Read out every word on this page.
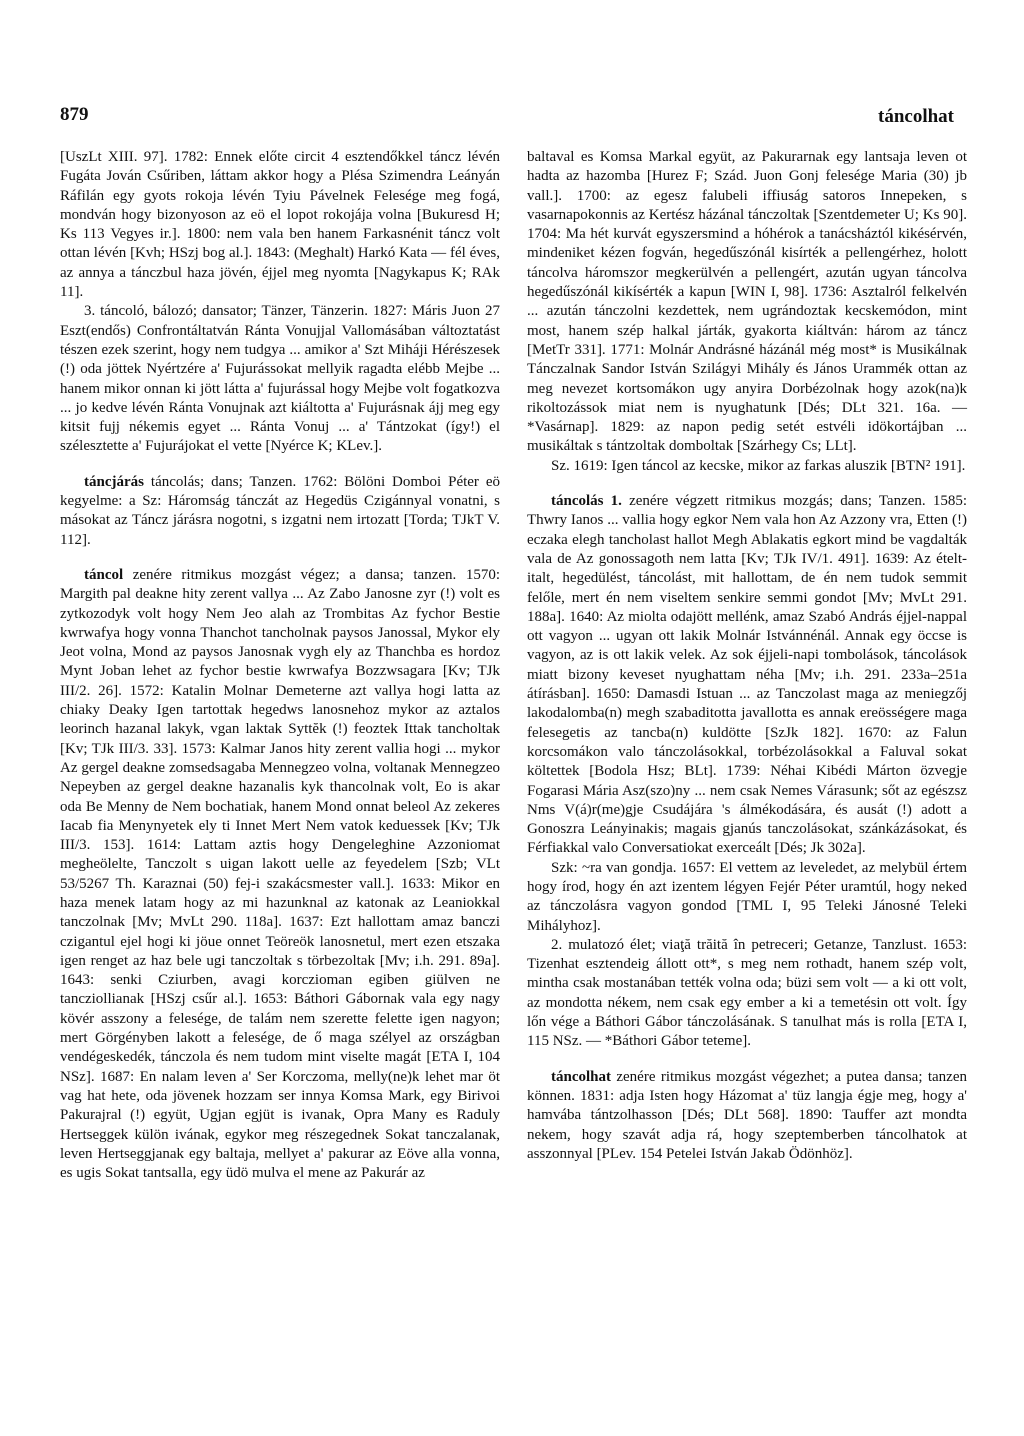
879	táncolhat

[UszLt XIII. 97]. 1782: Ennek előte circit 4 esztendőkkel táncz lévén Fugáta Jován Csűriben, láttam akkor hogy a Plésa Szimendra Leányán Ráfilán egy gyots rokoja lévén Tyiu Pávelnek Felesége meg fogá, mondván hogy bizonyoson az eö el lopot rokojája volna [Bukuresd H; Ks 113 Vegyes ir.]. 1800: nem vala ben hanem Farkasnénit táncz volt ottan lévén [Kvh; HSzj bog al.]. 1843: (Meghalt) Harkó Kata — fél éves, az annya a tánczbul haza jövén, éjjel meg nyomta [Nagykapus K; RAk 11].

3. táncoló, bálozó; dansator; Tänzer, Tänzerin. 1827: Máris Juon 27 Eszt(endős) Confrontáltatván Ránta Vonujjal Vallomásában változtatást tészen ezek szerint, hogy nem tudgya ... amikor a' Szt Miháji Hérészesek (!) oda jöttek Nyértzére a' Fujurássokat mellyik ragadta elébb Mejbe ... hanem mikor onnan ki jött látta a' fujurással hogy Mejbe volt fogatkozva ... jo kedve lévén Ránta Vonujnak azt kiáltotta a' Fujurásnak ájj meg egy kitsit fujj nékemis egyet ... Ránta Vonuj ... a' Tántzokat (így!) el szélesztette a' Fujurájokat el vette [Nyérce K; KLev.].

táncjárás táncolás; dans; Tanzen. 1762: Bölöni Domboi Péter eö kegyelme: a Sz: Háromság tánczát az Hegedüs Czigánnyal vonatni, s másokat az Táncz járásra nogotni, s izgatni nem irtozatt [Torda; TJkT V. 112].

táncol zenére ritmikus mozgást végez; a dansa; tanzen. 1570: Margith pal deakne hity zerent vallya ... Az Zabo Janosne zyr (!) volt es zytkozodyk volt hogy Nem Jeo alah az Trombitas Az fychor Bestie kwrwafya hogy vonna Thanchot tancholnak paysos Janossal, Mykor ely Jeot volna, Mond az paysos Janosnak vygh ely az Thanchba es hordoz Mynt Joban lehet az fychor bestie kwrwafya Bozzwsagara [Kv; TJk III/2. 26]. 1572: Katalin Molnar Demeterne azt vallya hogi latta az chiaky Deaky Igen tartottak hegedws lanosnehoz mykor az aztalos leorinch hazanal lakyk, vgan laktak Syttĕk (!) feoztek Ittak tancholtak [Kv; TJk III/3. 33]. 1573: Kalmar Janos hity zerent vallia hogi ... mykor Az gergel deakne zomsedsagaba Mennegzeo volna, voltanak Mennegzeo Nepeyben az gergel deakne hazanalis kyk thancolnak volt, Eo is akar oda Be Menny de Nem bochatiak, hanem Mond onnat beleol Az zekeres Iacab fia Menynyetek ely ti Innet Mert Nem vatok keduessek [Kv; TJk III/3. 153]. 1614: Lattam aztis hogy Dengeleghine Azzoniomat megheölelte, Tanczolt s uigan lakott uelle az feyedelem [Szb; VLt 53/5267 Th. Karaznai (50) fej-i szakácsmester vall.]. 1633: Mikor en haza menek latam hogy az mi hazunknal az katonak az Leaniokkal tanczolnak [Mv; MvLt 290. 118a]. 1637: Ezt hallottam amaz banczi czigantul ejel hogi ki jöue onnet Teöreök lanosnetul, mert ezen etszaka igen renget az haz bele ugi tanczoltak s törbezoltak [Mv; i.h. 291. 89a]. 1643: senki Cziurben, avagi korczioman egiben giülven ne tancziollianak [HSzj csűr al.]. 1653: Báthori Gábornak vala egy nagy kövér asszony a felesége, de talám nem szerette felette igen nagyon; mert Görgényben lakott a felesége, de ő maga szélyel az országban vendégeskedék, tánczola és nem tudom mint viselte magát [ETA I, 104 NSz]. 1687: En nalam leven a' Ser Korczoma, melly(ne)k lehet mar öt vag hat hete, oda jövenek hozzam ser innya Komsa Mark, egy Birivoi Pakurajral (!) együt, Ugjan egjüt is ivanak, Opra Many es Raduly Hertseggek külön ivának, egykor meg részegednek Sokat tanczalanak, leven Hertseggjanak egy baltaja, mellyet a' pakurar az Eöve alla vonna, es ugis Sokat tantsalla, egy üdö mulva el mene az Pakurár az

baltaval es Komsa Markal együt, az Pakurarnak egy lantsaja leven ot hadta az hazomba [Hurez F; Szád. Juon Gonj felesége Maria (30) jb vall.]. 1700: az egesz falubeli iffiuság satoros Innepeken, s vasarnapokonnis az Kertész házánal tánczoltak [Szentdemeter U; Ks 90]. 1704: Ma hét kurvát egyszersmind a hóhérok a tanácsháztól kikésérvén, mindeniket kézen fogván, hegedűszónál kisírték a pellengérhez, holott táncolva háromszor megkerülvén a pellengért, azután ugyan táncolva hegedűszónál kikísérték a kapun [WIN I, 98]. 1736: Asztalról felkelvén ... azután tánczolni kezdettek, nem ugrándoztak kecskemódon, mint most, hanem szép halkal járták, gyakorta kiáltván: három az táncz [MetTr 331]. 1771: Molnár Andrásné házánál még most* is Musikálnak Tánczalnak Sandor István Szilágyi Mihály és János Urammék ottan az meg nevezet kortsomákon ugy anyira Dorbézolnak hogy azok(na)k rikoltozássok miat nem is nyughatunk [Dés; DLt 321. 16a. — *Vasárnap]. 1829: az napon pedig setét estvéli idökortájban ... musikáltak s tántzoltak domboltak [Szárhegy Cs; LLt].

Sz. 1619: Igen táncol az kecske, mikor az farkas aluszik [BTN² 191].

táncolás 1. zenére végzett ritmikus mozgás; dans; Tanzen. 1585: Thwry Ianos ... vallia hogy egkor Nem vala hon Az Azzony vra, Etten (!) eczaka elegh tancholast hallot Megh Ablakatis egkort mind be vagdalták vala de Az gonossagoth nem latta [Kv; TJk IV/1. 491]. 1639: Az ételt-italt, hegedülést, táncolást, mit hallottam, de én nem tudok semmit felőle, mert én nem viseltem senkire semmi gondot [Mv; MvLt 291. 188a]. 1640: Az miolta odajött mellénk, amaz Szabó András éjjel-nappal ott vagyon ... ugyan ott lakik Molnár Istvánnénál. Annak egy öccse is vagyon, az is ott lakik velek. Az sok éjjeli-napi tombolások, táncolások miatt bizony keveset nyughattam néha [Mv; i.h. 291. 233a–251a átírásban]. 1650: Damasdi Istuan ... az Tanczolast maga az meniegzőj lakodalomba(n) megh szabaditotta javallotta es annak ereösségere maga felesegetis az tancba(n) kuldötte [SzJk 182]. 1670: az Falun korcsomákon valo tánczolásokkal, torbézolásokkal a Faluval sokat költettek [Bodola Hsz; BLt]. 1739: Néhai Kibédi Márton özvegje Fogarasi Mária Asz(szo)ny ... nem csak Nemes Várasunk; sőt az egészsz Nms V(á)r(me)gje Csudájára 's álmékodására, és ausát (!) adott a Gonoszra Leányinakis; magais gjanús tanczolásokat, szánkázásokat, és Férfiakkal valo Conversatiokat exerceált [Dés; Jk 302a].

Szk: ~ra van gondja. 1657: El vettem az leveledet, az melybül értem hogy írod, hogy én azt izentem légyen Fejér Péter uramtúl, hogy neked az tánczolásra vagyon gondod [TML I, 95 Teleki Jánosné Teleki Mihályhoz].

2. mulatozó élet; viaţă trăită în petreceri; Getanze, Tanzlust. 1653: Tizenhat esztendeig állott ott*, s meg nem rothadt, hanem szép volt, mintha csak mostanában tették volna oda; büzi sem volt — a ki ott volt, az mondotta nékem, nem csak egy ember a ki a temetésin ott volt. Így lőn vége a Báthori Gábor tánczolásának. S tanulhat más is rolla [ETA I, 115 NSz. — *Báthori Gábor teteme].

táncolhat zenére ritmikus mozgást végezhet; a putea dansa; tanzen können. 1831: adja Isten hogy Házomat a' tüz langja égje meg, hogy a' hamvába tántzolhasson [Dés; DLt 568]. 1890: Tauffer azt mondta nekem, hogy szavát adja rá, hogy szeptemberben táncolhatok at asszonnyal [PLev. 154 Petelei István Jakab Ödönhöz].
